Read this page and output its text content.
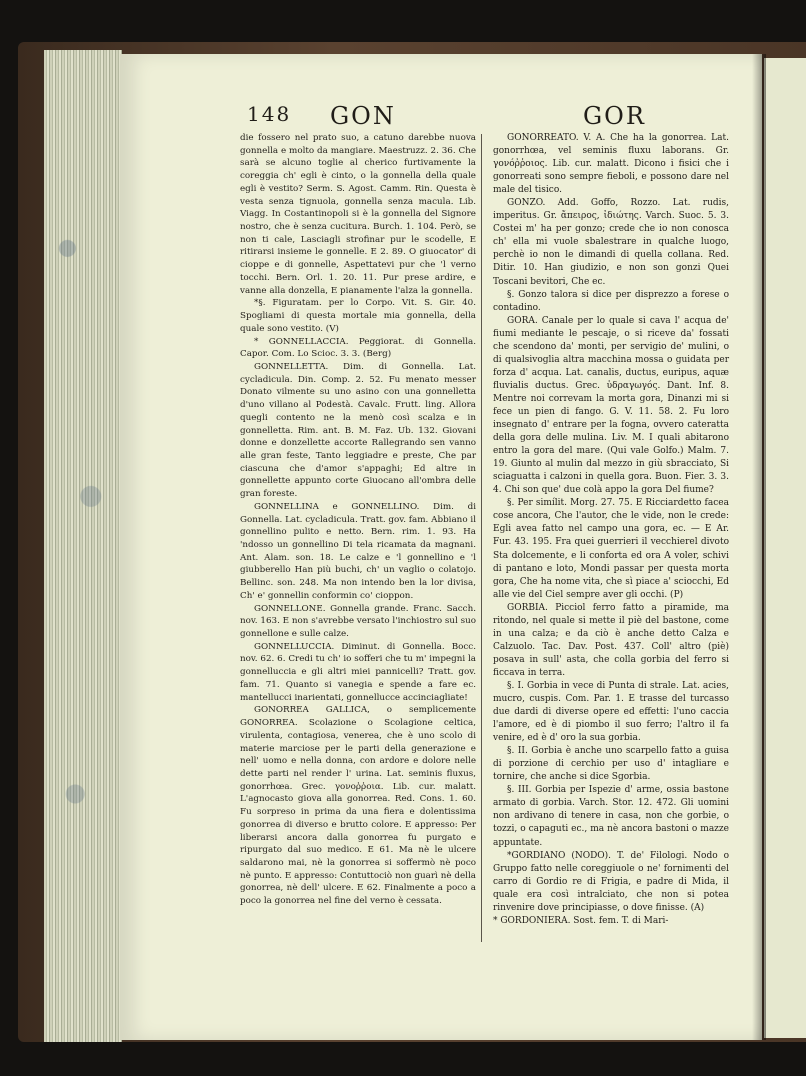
148 GON	GOR

die fossero nel prato suo, a catuno darebbe nuova gonnella e molto da mangiare. Maestruzz. 2. 36. Che sarà se alcuno toglie al cherico furtivamente la coreggia ch' egli è cinto, o la gonnella della quale egli è vestito? Serm. S. Agost. Camm. Rin. Questa è vesta senza tignuola, gonnella senza macula. Lib. Viagg. In Costantinopoli si è la gonnella del Signore nostro, che è senza cucitura. Burch. 1. 104. Però, se non ti cale, Lasciagli strofinar pur le scodelle, E ritirarsi insieme le gonnelle. E 2. 89. O giuocator' di cioppe e di gonnelle, Aspettatevi pur che 'l verno tocchi. Bern. Orl. 1. 20. 11. Pur prese ardire, e vanne alla donzella, E pianamente l'alza la gonnella.

*§. Figuratam. per lo Corpo. Vit. S. Gir. 40. Spogliami di questa mortale mia gonnella, della quale sono vestito. (V)

* GONNELLACCIA. Peggiorat. di Gonnella. Capor. Com. Lo Scioc. 3. 3. (Berg)

GONNELLETTA. Dim. di Gonnella. Lat. cycladicula. Din. Comp. 2. 52. Fu menato messer Donato vilmente su uno asino con una gonnelletta d'uno villano al Podestà. Cavalc. Frutt. ling. Allora quegli contento ne la menò così scalza e in gonnelletta. Rim. ant. B. M. Faz. Ub. 132. Giovani donne e donzellette accorte Rallegrando sen vanno alle gran feste, Tanto leggiadre e preste, Che par ciascuna che d'amor s'appaghi; Ed altre in gonnellette appunto corte Giuocano all'ombra delle gran foreste.

GONNELLINA e GONNELLINO. Dim. di Gonnella. Lat. cycladicula. Tratt. gov. fam. Abbiano il gonnellino pulito e netto. Bern. rim. 1. 93. Ha 'ndosso un gonnellino Di tela ricamata da magnani. Ant. Alam. son. 18. Le calze e 'l gonnellino e 'l giubberello Han più buchi, ch' un vaglio o colatojo. Bellinc. son. 248. Ma non intendo ben la lor divisa, Ch' e' gonnellin conformin co' cioppon.

GONNELLONE. Gonnella grande. Franc. Sacch. nov. 163. E non s'avrebbe versato l'inchiostro sul suo gonnellone e sulle calze.

GONNELLUCCIA. Diminut. di Gonnella. Bocc. nov. 62. 6. Credi tu ch' io sofferi che tu m' impegni la gonnelluccia e gli altri miei pannicelli? Tratt. gov. fam. 71. Quanto si vanegia e spende a fare ec. mantellucci inarientati, gonnellucce accinciagliate!

GONORREA GALLICA, o semplicemente GONORREA. Scolazione o Scolagione celtica, virulenta, contagiosa, venerea, che è uno scolo di materie marciose per le parti della generazione e nell' uomo e nella donna, con ardore e dolore nelle dette parti nel render l' urina. Lat. seminis fluxus, gonorrhœa. Grec. γονοῤῥοια. Lib. cur. malatt. L'agnocasto giova alla gonorrea. Red. Cons. 1. 60. Fu sorpreso in prima da una fiera e dolentissima gonorrea di diverso e brutto colore. E appresso: Per liberarsi ancora dalla gonorrea fu purgato e ripurgato dal suo medico. E 61. Ma nè le ulcere saldarono mai, nè la gonorrea si soffermò nè poco nè punto. E appresso: Contuttociò non guarì nè della gonorrea, nè dell' ulcere. E 62. Finalmente a poco a poco la gonorrea nel fine del verno è cessata.

GONORREATO. V. A. Che ha la gonorrea. Lat. gonorrhœa, vel seminis fluxu laborans. Gr. γονόῤῥοιος. Lib. cur. malatt. Dicono i fisici che i gonorreati sono sempre fieboli, e possono dare nel male del tisico.

GONZO. Add. Goffo, Rozzo. Lat. rudis, imperitus. Gr. ἄπειρος, ἰδιώτης. Varch. Suoc. 5. 3. Costei m' ha per gonzo; crede che io non conosca ch' ella mi vuole sbalestrare in qualche luogo, perchè io non le dimandi di quella collana. Red. Ditir. 10. Han giudizio, e non son gonzi Quei Toscani bevitori, Che ec.

§. Gonzo talora si dice per disprezzo a forese o contadino.

GORA. Canale per lo quale si cava l' acqua de' fiumi mediante le pescaje, o si riceve da' fossati che scendono da' monti, per servigio de' mulini, o di qualsivoglia altra macchina mossa o guidata per forza d' acqua. Lat. canalis, ductus, euripus, aquæ fluvialis ductus. Grec. ὑδραγωγός. Dant. Inf. 8. Mentre noi correvam la morta gora, Dinanzi mi si fece un pien di fango. G. V. 11. 58. 2. Fu loro insegnato d' entrare per la fogna, ovvero cateratta della gora delle mulina. Liv. M. I quali abitarono entro la gora del mare. (Qui vale Golfo.) Malm. 7. 19. Giunto al mulin dal mezzo in giù sbracciato, Si sciaguatta i calzoni in quella gora. Buon. Fier. 3. 3. 4. Chi son que' due colà appo la gora Del fiume?

§. Per simílit. Morg. 27. 75. E Ricciardetto facea cose ancora, Che l'autor, che le vide, non le crede: Egli avea fatto nel campo una gora, ec. — E Ar. Fur. 43. 195. Fra quei guerrieri il vecchierel divoto Sta dolcemente, e li conforta ed ora A voler, schivi di pantano e loto, Mondi passar per questa morta gora, Che ha nome vita, che sì piace a' sciocchi, Ed alle vie del Ciel sempre aver gli occhi. (P)

GORBIA. Picciol ferro fatto a piramide, ma ritondo, nel quale si mette il piè del bastone, come in una calza; e da ciò è anche detto Calza e Calzuolo. Tac. Dav. Post. 437. Coll' altro (piè) posava in sull' asta, che colla gorbia del ferro si ficcava in terra.

§. I. Gorbia in vece di Punta di strale. Lat. acies, mucro, cuspis. Com. Par. 1. E trasse del turcasso due dardi di diverse opere ed effetti: l'uno caccia l'amore, ed è di piombo il suo ferro; l'altro il fa venire, ed è d' oro la sua gorbia.

§. II. Gorbia è anche uno scarpello fatto a guisa di porzione di cerchio per uso d' intagliare e tornire, che anche si dice Sgorbia.

§. III. Gorbia per Ispezie d' arme, ossia bastone armato di gorbia. Varch. Stor. 12. 472. Gli uomini non ardivano di tenere in casa, non che gorbie, o tozzi, o capaguti ec., ma nè ancora bastoni o mazze appuntate.

*GORDIANO (NODO). T. de' Filologi. Nodo o Gruppo fatto nelle coreggiuole o ne' fornimenti del carro di Gordio re di Frigia, e padre di Mida, il quale era così intralciato, che non si potea rinvenire dove principiasse, o dove finisse. (A)

* GORDONIERA. Sost. fem. T. di Mari-
